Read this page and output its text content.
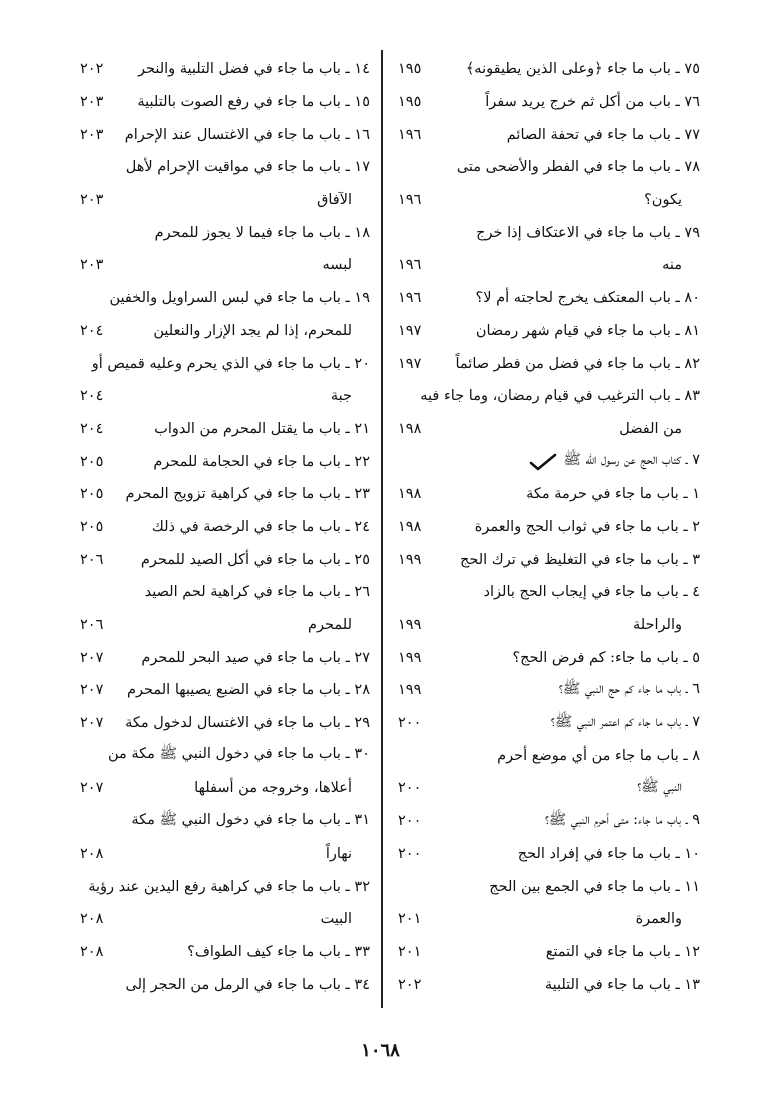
٧٥ ـ باب ما جاء ﴿وعلى الذين يطيقونه﴾
١٩٥
٧٦ ـ باب من أكل ثم خرج يريد سفراً
١٩٥
٧٧ ـ باب ما جاء في تحفة الصائم
١٩٦
٧٨ ـ باب ما جاء في الفطر والأضحى متى
يكون؟
١٩٦
٧٩ ـ باب ما جاء في الاعتكاف إذا خرج
منه
١٩٦
٨٠ ـ باب المعتكف يخرج لحاجته أم لا؟
١٩٦
٨١ ـ باب ما جاء في قيام شهر رمضان
١٩٧
٨٢ ـ باب ما جاء في فضل من فطر صائماً
١٩٧
٨٣ ـ باب الترغيب في قيام رمضان، وما جاء فيه
من الفضل
١٩٨
٧ ـ كتاب الحج عن رسول الله ﷺ
١ ـ باب ما جاء في حرمة مكة
١٩٨
٢ ـ باب ما جاء في ثواب الحج والعمرة
١٩٨
٣ ـ باب ما جاء في التغليظ في ترك الحج
١٩٩
٤ ـ باب ما جاء في إيجاب الحج بالزاد
والراحلة
١٩٩
٥ ـ باب ما جاء: كم فرض الحج؟
١٩٩
٦ ـ باب ما جاء كم حج النبي ﷺ؟
١٩٩
٧ ـ باب ما جاء كم اعتمر النبي ﷺ؟
٢٠٠
٨ ـ باب ما جاء من أي موضع أحرم
النبي ﷺ؟
٢٠٠
٩ ـ باب ما جاء: متى أحرم النبي ﷺ؟
٢٠٠
١٠ ـ باب ما جاء في إفراد الحج
٢٠٠
١١ ـ باب ما جاء في الجمع بين الحج
والعمرة
٢٠١
١٢ ـ باب ما جاء في التمتع
٢٠١
١٣ ـ باب ما جاء في التلبية
٢٠٢
١٤ ـ باب ما جاء في فضل التلبية والنحر
٢٠٢
١٥ ـ باب ما جاء في رفع الصوت بالتلبية
٢٠٣
١٦ ـ باب ما جاء في الاغتسال عند الإحرام
٢٠٣
١٧ ـ باب ما جاء في مواقيت الإحرام لأهل
الآفاق
٢٠٣
١٨ ـ باب ما جاء فيما لا يجوز للمحرم
لبسه
٢٠٣
١٩ ـ باب ما جاء في لبس السراويل والخفين
للمحرم، إذا لم يجد الإزار والنعلين
٢٠٤
٢٠ ـ باب ما جاء في الذي يحرم وعليه قميص أو
جبة
٢٠٤
٢١ ـ باب ما يقتل المحرم من الدواب
٢٠٤
٢٢ ـ باب ما جاء في الحجامة للمحرم
٢٠٥
٢٣ ـ باب ما جاء في كراهية تزويج المحرم
٢٠٥
٢٤ ـ باب ما جاء في الرخصة في ذلك
٢٠٥
٢٥ ـ باب ما جاء في أكل الصيد للمحرم
٢٠٦
٢٦ ـ باب ما جاء في كراهية لحم الصيد
للمحرم
٢٠٦
٢٧ ـ باب ما جاء في صيد البحر للمحرم
٢٠٧
٢٨ ـ باب ما جاء في الضبع يصيبها المحرم
٢٠٧
٢٩ ـ باب ما جاء في الاغتسال لدخول مكة
٢٠٧
٣٠ ـ باب ما جاء في دخول النبي ﷺ مكة من
أعلاها، وخروجه من أسفلها
٢٠٧
٣١ ـ باب ما جاء في دخول النبي ﷺ مكة
نهاراً
٢٠٨
٣٢ ـ باب ما جاء في كراهية رفع اليدين عند رؤية
البيت
٢٠٨
٣٣ ـ باب ما جاء كيف الطواف؟
٢٠٨
٣٤ ـ باب ما جاء في الرمل من الحجر إلى
١٠٦٨
